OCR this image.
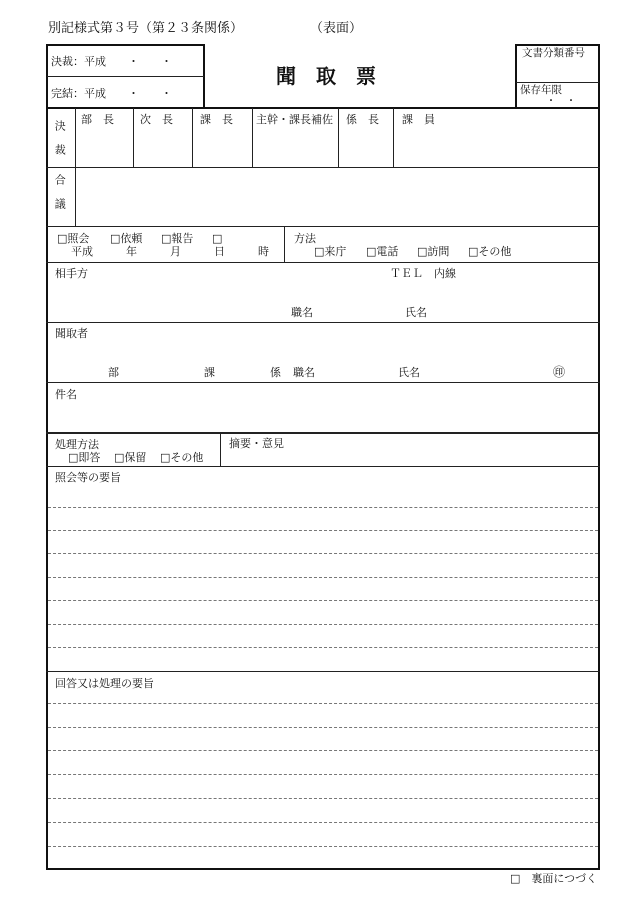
別記様式第３号（第２３条関係）	（表面）
決裁：平成　　・　　・
完結：平成　　・　　・
聞　取　票
文書分類番号
保存年限
・　・
決　裁
部　長 次　長 課　長 主幹・課長補佐 係　長 課　員
合　議
□照会 □依頼 □報告 □
平成　　　年　　　月　　　日　　　時
方法
□来庁 □電話 □訪問 □その他
相手方	ＴＥＬ　内線
職名	氏名
聞取者
部	課	係 職名	氏名	㊞
件名
処理方法
□即答 □保留 □その他
摘要・意見
照会等の要旨
回答又は処理の要旨
□　裏面につづく
